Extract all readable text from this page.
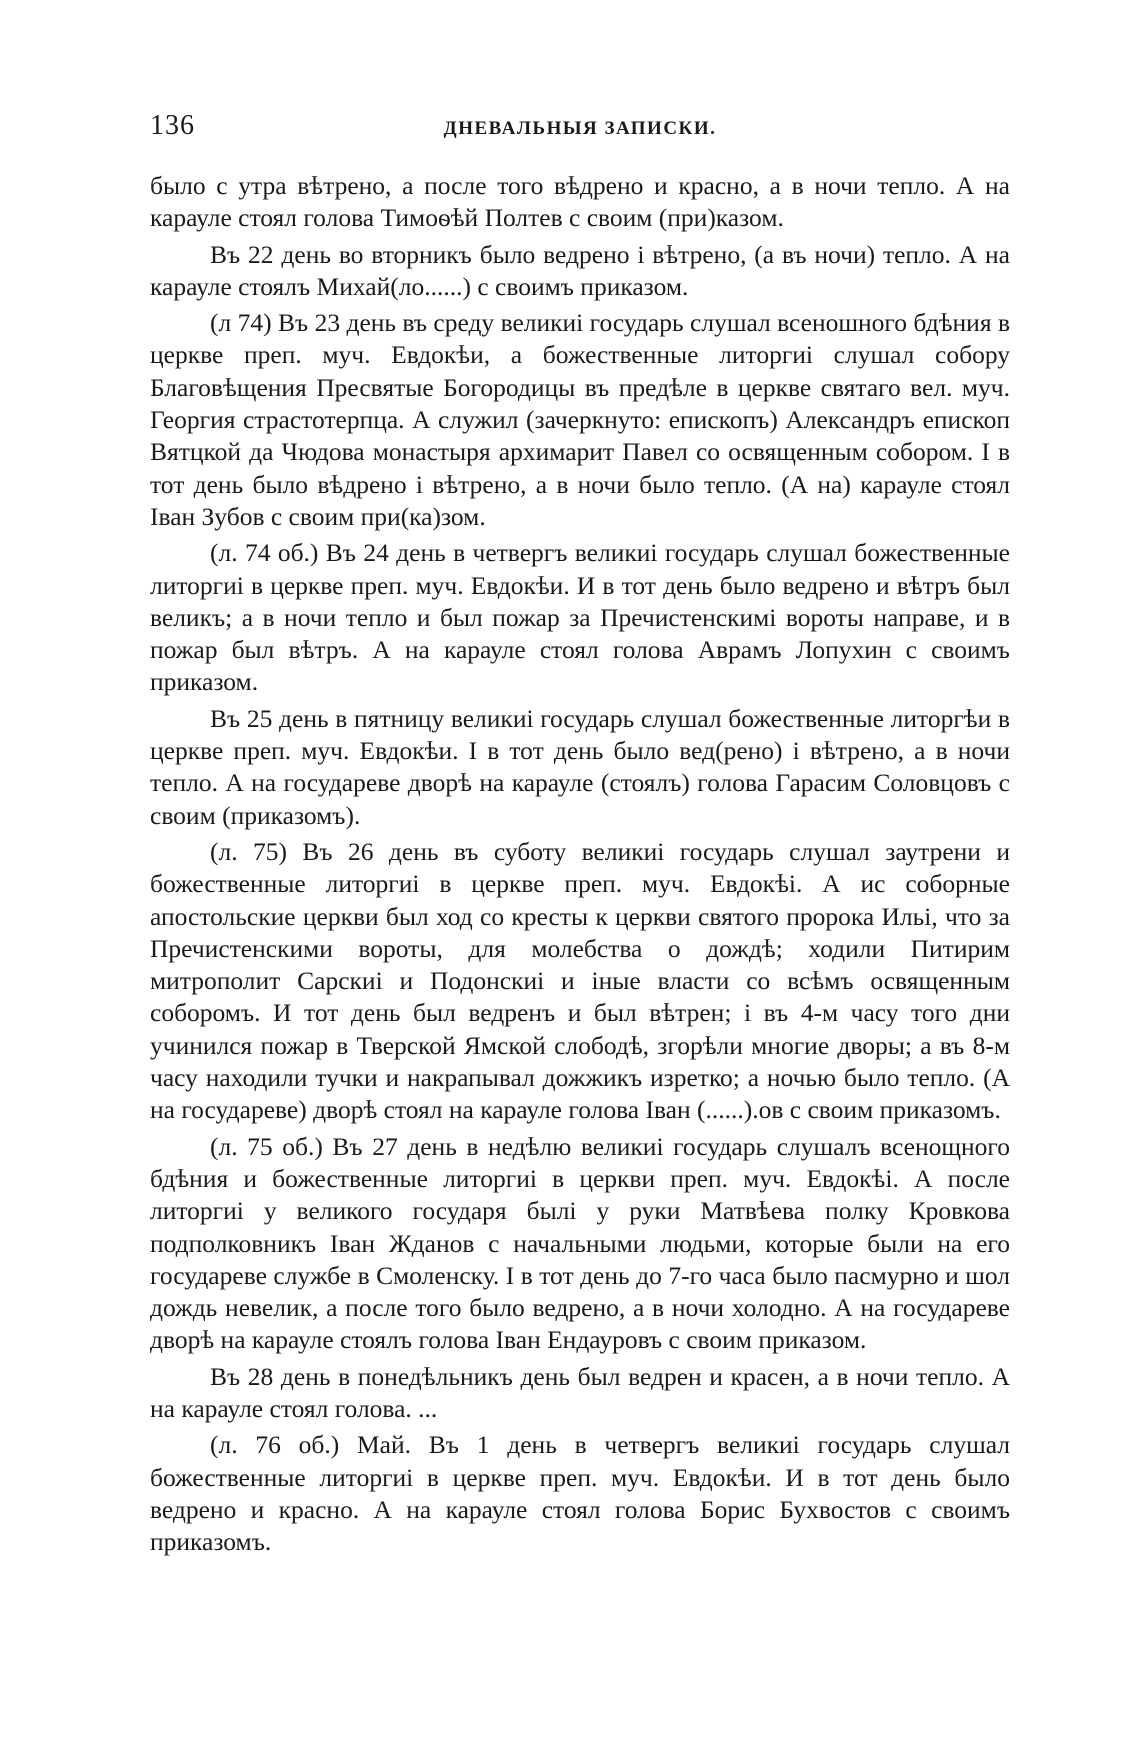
136	ДНЕВАЛЬНЫЯ ЗАПИСКИ.

было с утра вѣтрено, а после того вѣдрено и красно, а в ночи тепло. А на карауле стоял голова Тимоѳѣй Полтев с своим (при)казом.

Въ 22 день во вторникъ было ведрено і вѣтрено, (а въ ночи) тепло. А на карауле стоялъ Михай(ло......) с своимъ приказом.

(л 74) Въ 23 день въ среду великиі государь слушал всеношного бдѣния в церкве преп. муч. Евдокѣи, а божественные литоргиі слушал собору Благовѣщения Пресвятые Богородицы въ предѣле в церкве святаго вел. муч. Георгия страстотерпца. А служил (зачеркнуто: епископъ) Александръ епископ Вятцкой да Чюдова монастыря архимарит Павел со освященным собором. І в тот день было вѣдрено і вѣтрено, а в ночи было тепло. (А на) карауле стоял Іван Зубов с своим при(ка)зом.

(л. 74 об.) Въ 24 день в четвергъ великиі государь слушал божественные литоргиі в церкве преп. муч. Евдокѣи. И в тот день было ведрено и вѣтръ был великъ; а в ночи тепло и был пожар за Пречистенскимі вороты направе, и в пожар был вѣтръ. А на карауле стоял голова Аврамъ Лопухин с своимъ приказом.

Въ 25 день в пятницу великиі государь слушал божественные литоргѣи в церкве преп. муч. Евдокѣи. І в тот день было вед(рено) і вѣтрено, а в ночи тепло. А на государеве дворѣ на карауле (стоялъ) голова Гарасим Соловцовъ с своим (приказомъ).

(л. 75) Въ 26 день въ суботу великиі государь слушал заутрени и божественные литоргиі в церкве преп. муч. Евдокѣі. А ис соборные апостольские церкви был ход со кресты к церкви святого пророка Ильі, что за Пречистенскими вороты, для молебства о дождѣ; ходили Питирим митрополит Сарскиі и Подонскиі и іные власти со всѣмъ освященным соборомъ. И тот день был ведренъ и был вѣтрен; і въ 4-м часу того дни учинился пожар в Тверской Ямской слободѣ, згорѣли многие дворы; а въ 8-м часу находили тучки и накрапывал дожжикъ изретко; а ночью было тепло. (А на государеве) дворѣ стоял на карауле голова Іван (......).ов с своим приказомъ.

(л. 75 об.) Въ 27 день в недѣлю великиі государь слушалъ всенощного бдѣния и божественные литоргиі в церкви преп. муч. Евдокѣі. А после литоргиі у великого государя былі у руки Матвѣева полку Кровкова подполковникъ Іван Жданов с начальными людьми, которые были на его государеве службе в Смоленску. І в тот день до 7-го часа было пасмурно и шол дождь невелик, а после того было ведрено, а в ночи холодно. А на государеве дворѣ на карауле стоялъ голова Іван Ендауровъ с своим приказом.

Въ 28 день в понедѣльникъ день был ведрен и красен, а в ночи тепло. А на карауле стоял голова. ...

(л. 76 об.) Май. Въ 1 день в четвергъ великиі государь слушал божественные литоргиі в церкве преп. муч. Евдокѣи. И в тот день было ведрено и красно. А на карауле стоял голова Борис Бухвостов с своимъ приказомъ.
